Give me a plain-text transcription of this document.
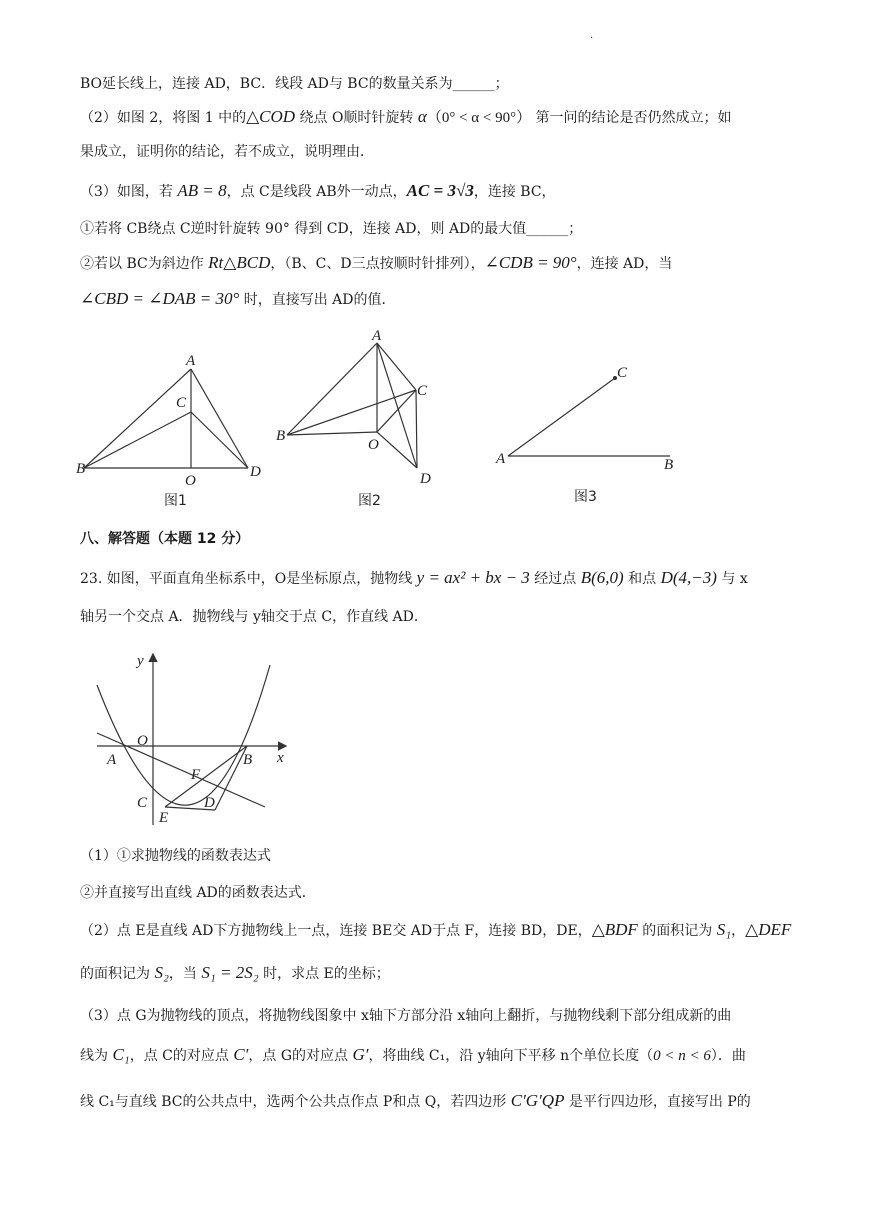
.
BO延长线上，连接 AD，BC．线段 AD与 BC的数量关系为______；
（2）如图 2，将图 1 中的△COD 绕点 O顺时针旋转 α（0° < α < 90°） 第一问的结论是否仍然成立；如
果成立，证明你的结论，若不成立，说明理由．
（3）如图，若 AB = 8，点 C是线段 AB外一动点，AC = 3√3，连接 BC，
①若将 CB绕点 C逆时针旋转 90° 得到 CD，连接 AD，则 AD的最大值______；
②若以 BC为斜边作 Rt△BCD，（B、C、D三点按顺时针排列），∠CDB = 90°，连接 AD，当
∠CBD = ∠DAB = 30° 时，直接写出 AD的值．
A
C
B
O
D
图1
A
C
B
O
D
图2
C
A	B
图3
八、解答题（本题 12 分）
23. 如图，平面直角坐标系中，O是坐标原点，抛物线 y = ax² + bx − 3 经过点 B(6,0) 和点 D(4,−3) 与 x
轴另一个交点 A．抛物线与 y轴交于点 C，作直线 AD．
y
x
O
A	B
C
F
D
E
（1）①求抛物线的函数表达式
②并直接写出直线 AD的函数表达式．
（2）点 E是直线 AD下方抛物线上一点，连接 BE交 AD于点 F，连接 BD，DE，△BDF 的面积记为 S₁，△DEF
的面积记为 S₂，当 S₁ = 2S₂ 时，求点 E的坐标；
（3）点 G为抛物线的顶点，将抛物线图象中 x轴下方部分沿 x轴向上翻折，与抛物线剩下部分组成新的曲
线为 C₁，点 C的对应点 C′，点 G的对应点 G′，将曲线 C₁，沿 y轴向下平移 n个单位长度（0 < n < 6）．曲
线 C₁与直线 BC的公共点中，选两个公共点作点 P和点 Q，若四边形 C′G′QP 是平行四边形，直接写出 P的
